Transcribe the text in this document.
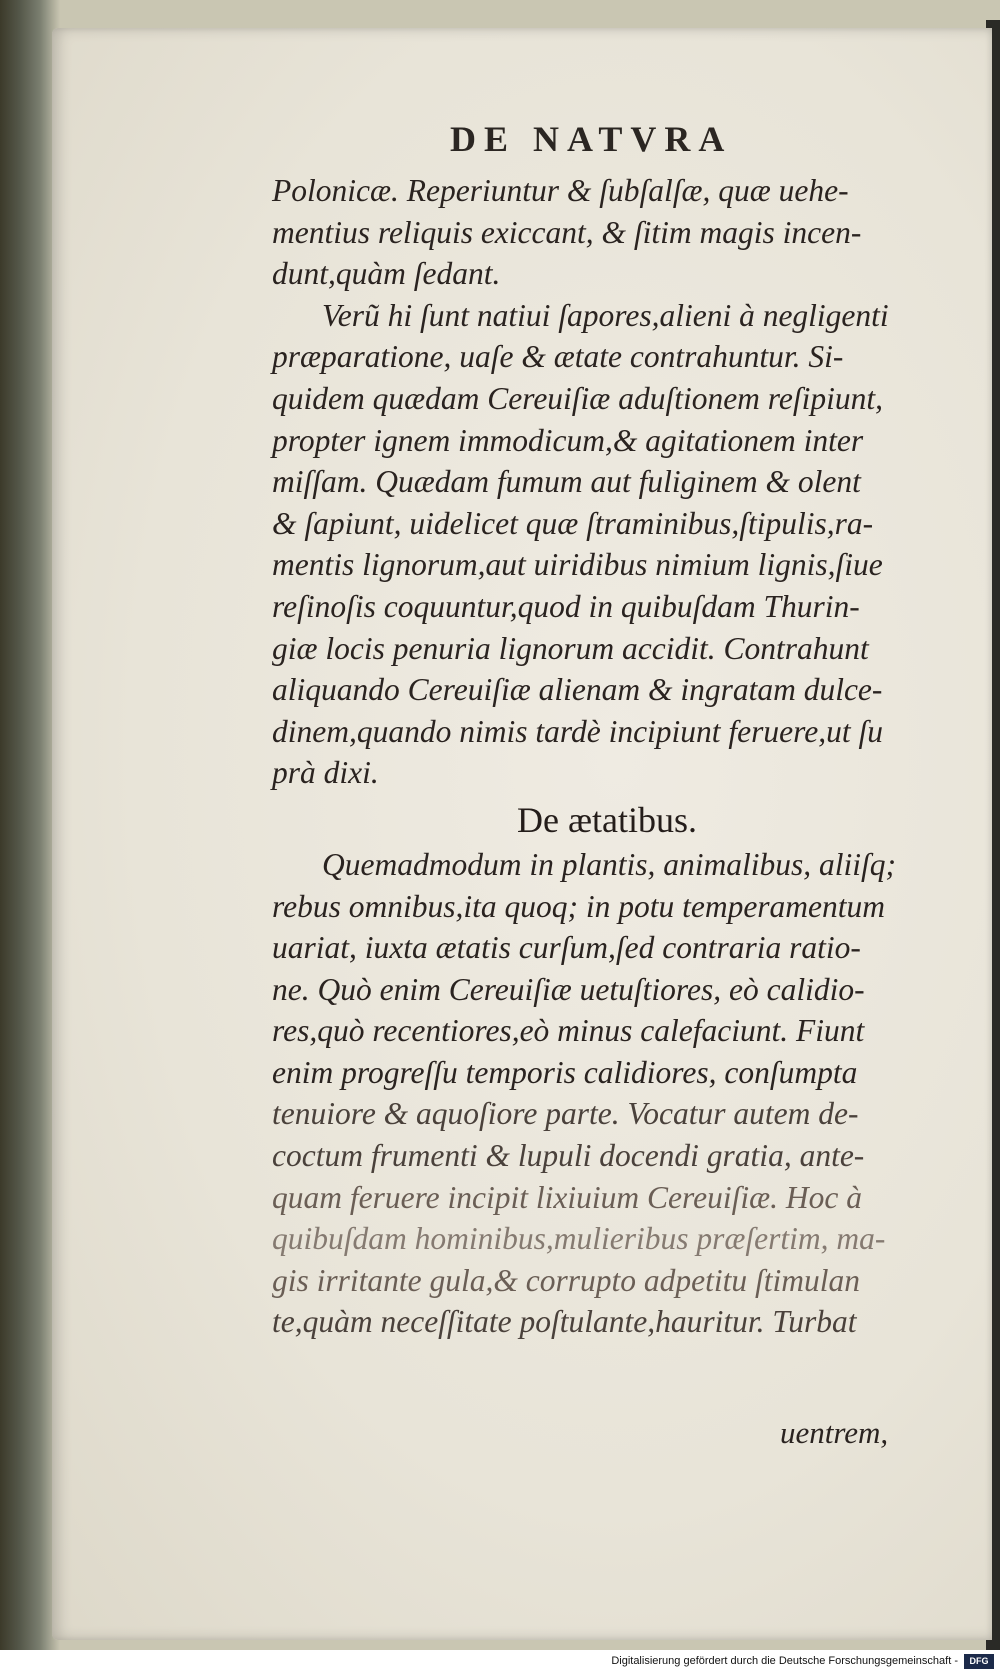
DE NATVRA
Polonicæ. Reperiuntur & ſubſalſæ, quæ uehe-
mentius reliquis exiccant, & ſitim magis incen-
dunt,quàm ſedant.
Verũ hi ſunt natiui ſapores,alieni à negligenti
præparatione, uaſe & ætate contrahuntur. Si-
quidem quædam Cereuiſiæ aduſtionem reſipiunt,
propter ignem immodicum,& agitationem inter
miſſam. Quædam fumum aut fuliginem & olent
& ſapiunt, uidelicet quæ ſtraminibus,ſtipulis,ra-
mentis lignorum,aut uiridibus nimium lignis,ſiue
reſinoſis coquuntur,quod in quibuſdam Thurin-
giæ locis penuria lignorum accidit. Contrahunt
aliquando Cereuiſiæ alienam & ingratam dulce-
dinem,quando nimis tardè incipiunt feruere,ut ſu
prà dixi.
De ætatibus.
Quemadmodum in plantis, animalibus, aliiſq;
rebus omnibus,ita quoq; in potu temperamentum
uariat, iuxta ætatis curſum,ſed contraria ratio-
ne. Quò enim Cereuiſiæ uetuſtiores, eò calidio-
res,quò recentiores,eò minus calefaciunt. Fiunt
enim progreſſu temporis calidiores, conſumpta
tenuiore & aquoſiore parte. Vocatur autem de-
coctum frumenti & lupuli docendi gratia, ante-
quam feruere incipit lixiuium Cereuiſiæ. Hoc à
quibuſdam hominibus,mulieribus præſertim, ma-
gis irritante gula,& corrupto adpetitu ſtimulan
te,quàm neceſſitate poſtulante,hauritur. Turbat
uentrem,
Digitalisierung gefördert durch die Deutsche Forschungsgemeinschaft -	DFG
